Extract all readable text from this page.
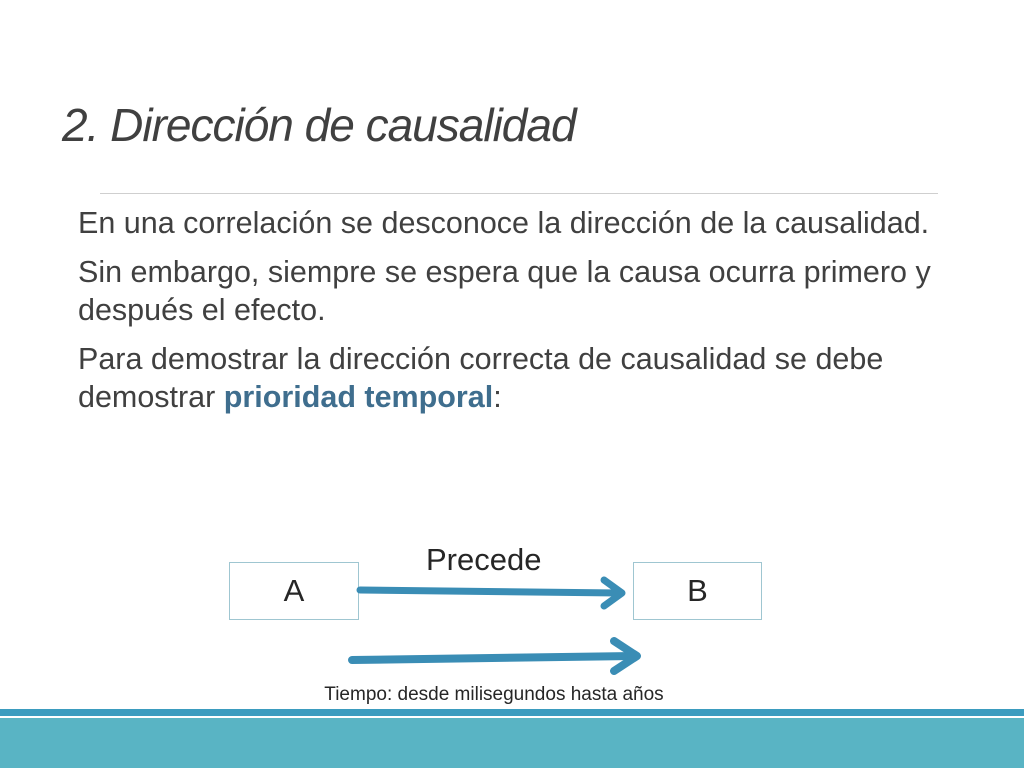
2. Dirección de causalidad

En una correlación se desconoce la dirección de la causalidad.

Sin embargo, siempre se espera que la causa ocurra primero y después el efecto.

Para demostrar la dirección correcta de causalidad se debe demostrar prioridad temporal:

Precede
A	B
Tiempo: desde milisegundos hasta años
